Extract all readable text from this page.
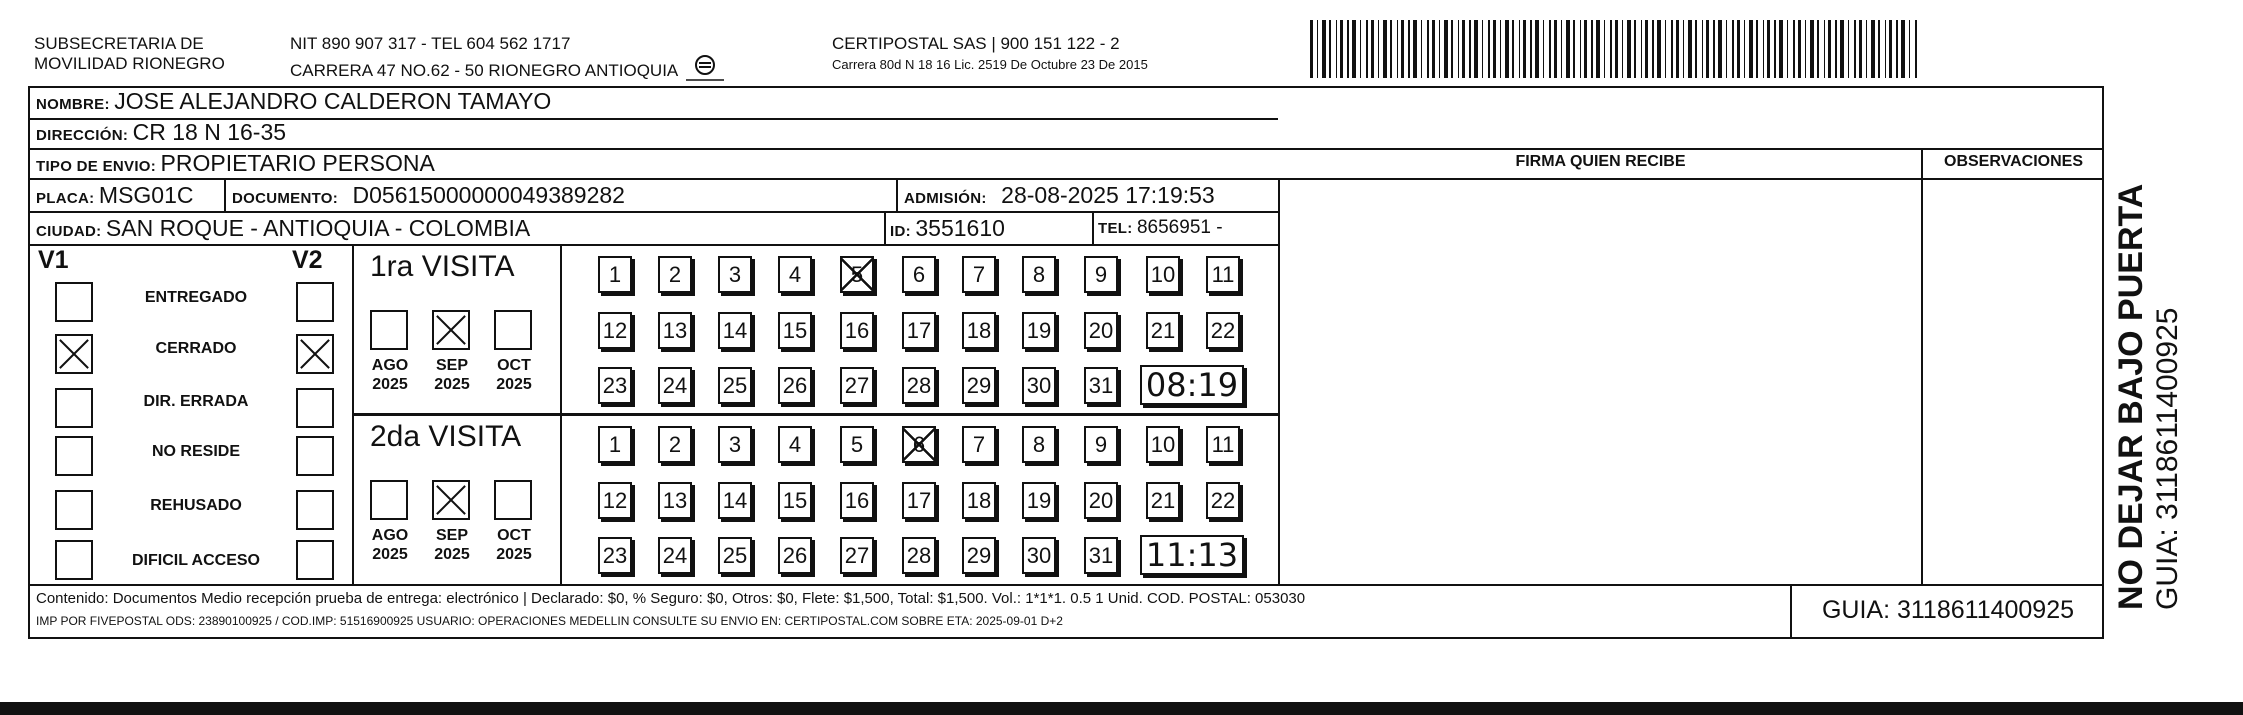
SUBSECRETARIA DE
MOVILIDAD RIONEGRO
NIT 890 907 317 - TEL 604 562 1717
CARRERA 47 NO.62 - 50 RIONEGRO ANTIOQUIA
CERTIPOSTAL SAS | 900 151 122 - 2
Carrera 80d N 18 16 Lic. 2519 De Octubre 23 De 2015
NOMBRE: JOSE ALEJANDRO CALDERON TAMAYO
DIRECCIÓN: CR 18 N 16-35
TIPO DE ENVIO: PROPIETARIO PERSONA
PLACA: MSG01C	DOCUMENTO: D05615000000049389282	ADMISIÓN: 28-08-2025 17:19:53
CIUDAD: SAN ROQUE - ANTIOQUIA - COLOMBIA	ID: 3551610	TEL: 8656951 -
FIRMA QUIEN RECIBE	OBSERVACIONES
V1	V2
ENTREGADO
CERRADO
DIR. ERRADA
NO RESIDE
REHUSADO
DIFICIL ACCESO
1ra VISITA
AGO
2025
SEP
2025
OCT
2025
1	2	3	4	5	6	7	8	9	10 11
12 13 14 15 16 17 18 19 20 21 22
23 24 25 26 27 28 29 30 31 08:19
2da VISITA
AGO
2025
SEP
2025
OCT
2025
1	2	3	4	5	6	7	8	9	10 11
12 13 14 15 16 17 18 19 20 21 22
23 24 25 26 27 28 29 30 31 11:13
Contenido: Documentos Medio recepción prueba de entrega: electrónico | Declarado: $0, % Seguro: $0, Otros: $0, Flete: $1,500, Total: $1,500. Vol.: 1*1*1. 0.5 1 Unid. COD. POSTAL: 053030
IMP POR FIVEPOSTAL ODS: 23890100925 / COD.IMP: 51516900925 USUARIO: OPERACIONES MEDELLIN CONSULTE SU ENVIO EN: CERTIPOSTAL.COM SOBRE ETA: 2025-09-01 D+2	GUIA: 3118611400925	NO DEJAR BAJO PUERTA GUIA: 3118611400925
